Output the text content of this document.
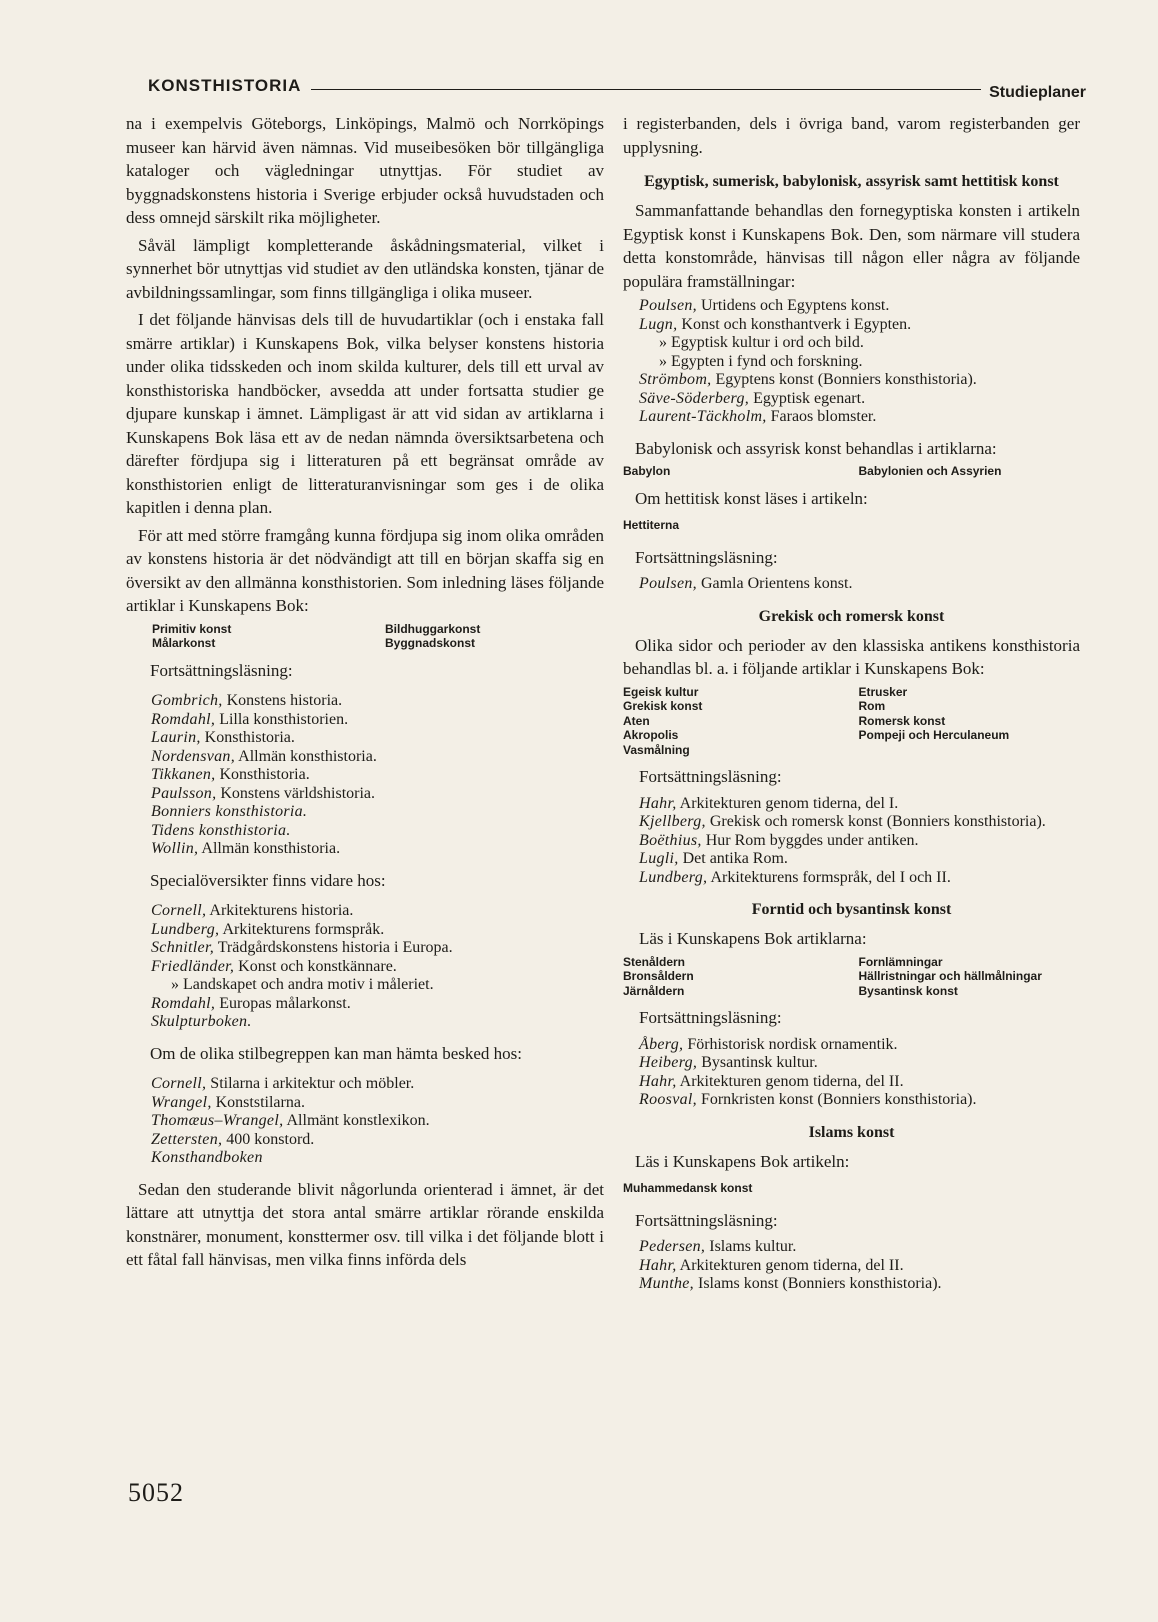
KONSTHISTORIA	Studieplaner

na i exempelvis Göteborgs, Linköpings, Malmö och Norrköpings museer kan härvid även nämnas. Vid museibesöken bör tillgängliga kataloger och vägledningar utnyttjas. För studiet av byggnadskonstens historia i Sverige erbjuder också huvudstaden och dess omnejd särskilt rika möjligheter.

Såväl lämpligt kompletterande åskådningsmaterial, vilket i synnerhet bör utnyttjas vid studiet av den utländska konsten, tjänar de avbildningssamlingar, som finns tillgängliga i olika museer.

I det följande hänvisas dels till de huvudartiklar (och i enstaka fall smärre artiklar) i Kunskapens Bok, vilka belyser konstens historia under olika tidsskeden och inom skilda kulturer, dels till ett urval av konsthistoriska handböcker, avsedda att under fortsatta studier ge djupare kunskap i ämnet. Lämpligast är att vid sidan av artiklarna i Kunskapens Bok läsa ett av de nedan nämnda översiktsarbetena och därefter fördjupa sig i litteraturen på ett begränsat område av konsthistorien enligt de litteraturanvisningar som ges i de olika kapitlen i denna plan.

För att med större framgång kunna fördjupa sig inom olika områden av konstens historia är det nödvändigt att till en början skaffa sig en översikt av den allmänna konsthistorien. Som inledning läses följande artiklar i Kunskapens Bok:

Primitiv konst	Bildhuggarkonst
Målarkonst	Byggnadskonst

Fortsättningsläsning:

Gombrich, Konstens historia.
Romdahl, Lilla konsthistorien.
Laurin, Konsthistoria.
Nordensvan, Allmän konsthistoria.
Tikkanen, Konsthistoria.
Paulsson, Konstens världshistoria.
Bonniers konsthistoria.
Tidens konsthistoria.
Wollin, Allmän konsthistoria.

Specialöversikter finns vidare hos:

Cornell, Arkitekturens historia.
Lundberg, Arkitekturens formspråk.
Schnitler, Trädgårdskonstens historia i Europa.
Friedländer, Konst och konstkännare.
» Landskapet och andra motiv i måleriet.
Romdahl, Europas målarkonst.
Skulpturboken.

Om de olika stilbegreppen kan man hämta besked hos:

Cornell, Stilarna i arkitektur och möbler.
Wrangel, Konststilarna.
Thomæus–Wrangel, Allmänt konstlexikon.
Zettersten, 400 konstord.
Konsthandboken

Sedan den studerande blivit någorlunda orienterad i ämnet, är det lättare att utnyttja det stora antal smärre artiklar rörande enskilda konstnärer, monument, konsttermer osv. till vilka i det följande blott i ett fåtal fall hänvisas, men vilka finns införda dels

i registerbanden, dels i övriga band, varom registerbanden ger upplysning.

Egyptisk, sumerisk, babylonisk, assyrisk samt hettitisk konst

Sammanfattande behandlas den fornegyptiska konsten i artikeln Egyptisk konst i Kunskapens Bok. Den, som närmare vill studera detta konstområde, hänvisas till någon eller några av följande populära framställningar:

Poulsen, Urtidens och Egyptens konst.
Lugn, Konst och konsthantverk i Egypten.
» Egyptisk kultur i ord och bild.
» Egypten i fynd och forskning.
Strömbom, Egyptens konst (Bonniers konsthistoria).
Säve-Söderberg, Egyptisk egenart.
Laurent-Täckholm, Faraos blomster.

Babylonisk och assyrisk konst behandlas i artiklarna:

Babylon	Babylonien och Assyrien

Om hettitisk konst läses i artikeln:

Hettiterna

Fortsättningsläsning:

Poulsen, Gamla Orientens konst.
Grekisk och romersk konst

Olika sidor och perioder av den klassiska antikens konsthistoria behandlas bl. a. i följande artiklar i Kunskapens Bok:

Egeisk kultur	Etrusker
Grekisk konst	Rom
Aten	Romersk konst
Akropolis	Pompeji och Herculaneum
Vasmålning

Fortsättningsläsning:

Hahr, Arkitekturen genom tiderna, del I.
Kjellberg, Grekisk och romersk konst (Bonniers konsthistoria).
Boëthius, Hur Rom byggdes under antiken.
Lugli, Det antika Rom.
Lundberg, Arkitekturens formspråk, del I och II.
Forntid och bysantinsk konst

Läs i Kunskapens Bok artiklarna:

Stenåldern	Fornlämningar
Bronsåldern	Hällristningar och hällmålningar
Järnåldern	Bysantinsk konst

Fortsättningsläsning:

Åberg, Förhistorisk nordisk ornamentik.
Heiberg, Bysantinsk kultur.
Hahr, Arkitekturen genom tiderna, del II.
Roosval, Fornkristen konst (Bonniers konsthistoria).
Islams konst

Läs i Kunskapens Bok artikeln:

Muhammedansk konst

Fortsättningsläsning:

Pedersen, Islams kultur.
Hahr, Arkitekturen genom tiderna, del II.
Munthe, Islams konst (Bonniers konsthistoria).
5052
